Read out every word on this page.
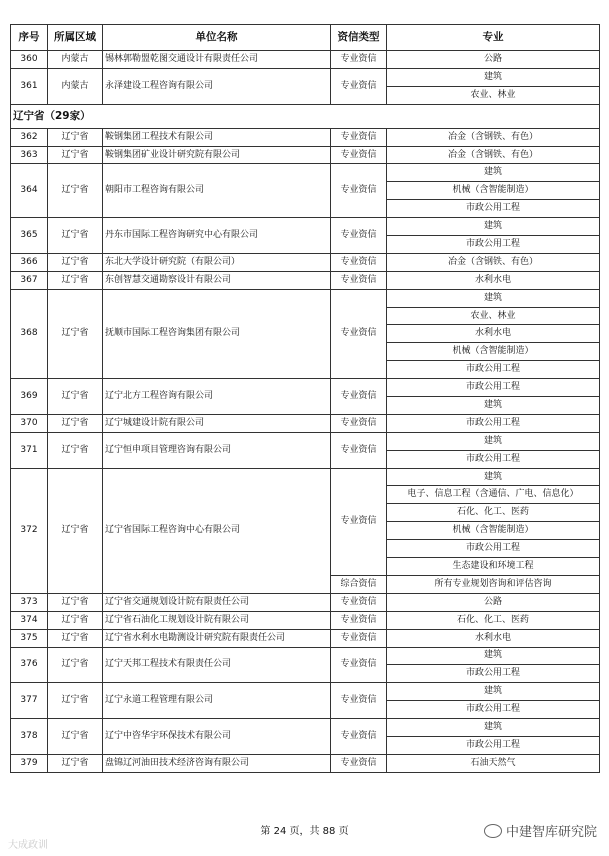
序号	所属区域	单位名称	资信类型	专业
360	内蒙古	锡林郭勒盟乾图交通设计有限责任公司	专业资信	公路
361	内蒙古	永泽建设工程咨询有限公司	专业资信	建筑
				农业、林业
辽宁省（29家）				
362	辽宁省	鞍钢集团工程技术有限公司	专业资信	冶金（含钢铁、有色）
363	辽宁省	鞍钢集团矿业设计研究院有限公司	专业资信	冶金（含钢铁、有色）
364	辽宁省	朝阳市工程咨询有限公司	专业资信	建筑
				机械（含智能制造）
				市政公用工程
365	辽宁省	丹东市国际工程咨询研究中心有限公司	专业资信	建筑
				市政公用工程
366	辽宁省	东北大学设计研究院（有限公司）	专业资信	冶金（含钢铁、有色）
367	辽宁省	东创智慧交通勘察设计有限公司	专业资信	水利水电
368	辽宁省	抚顺市国际工程咨询集团有限公司	专业资信	建筑
				农业、林业
				水利水电
				机械（含智能制造）
				市政公用工程
369	辽宁省	辽宁北方工程咨询有限公司	专业资信	市政公用工程
				建筑
370	辽宁省	辽宁城建设计院有限公司	专业资信	市政公用工程
371	辽宁省	辽宁恒申项目管理咨询有限公司	专业资信	建筑
				市政公用工程
372	辽宁省	辽宁省国际工程咨询中心有限公司	专业资信	建筑
				电子、信息工程（含通信、广电、信息化）
				石化、化工、医药
				机械（含智能制造）
				市政公用工程
				生态建设和环境工程
			综合资信	所有专业规划咨询和评估咨询
373	辽宁省	辽宁省交通规划设计院有限责任公司	专业资信	公路
374	辽宁省	辽宁省石油化工规划设计院有限公司	专业资信	石化、化工、医药
375	辽宁省	辽宁省水利水电勘测设计研究院有限责任公司	专业资信	水利水电
376	辽宁省	辽宁天邦工程技术有限责任公司	专业资信	建筑
				市政公用工程
377	辽宁省	辽宁永道工程管理有限公司	专业资信	建筑
				市政公用工程
378	辽宁省	辽宁中咨华宇环保技术有限公司	专业资信	建筑
				市政公用工程
379	辽宁省	盘锦辽河油田技术经济咨询有限公司	专业资信	石油天然气
第 24 页，共 88 页
大成政训
中建智库研究院
